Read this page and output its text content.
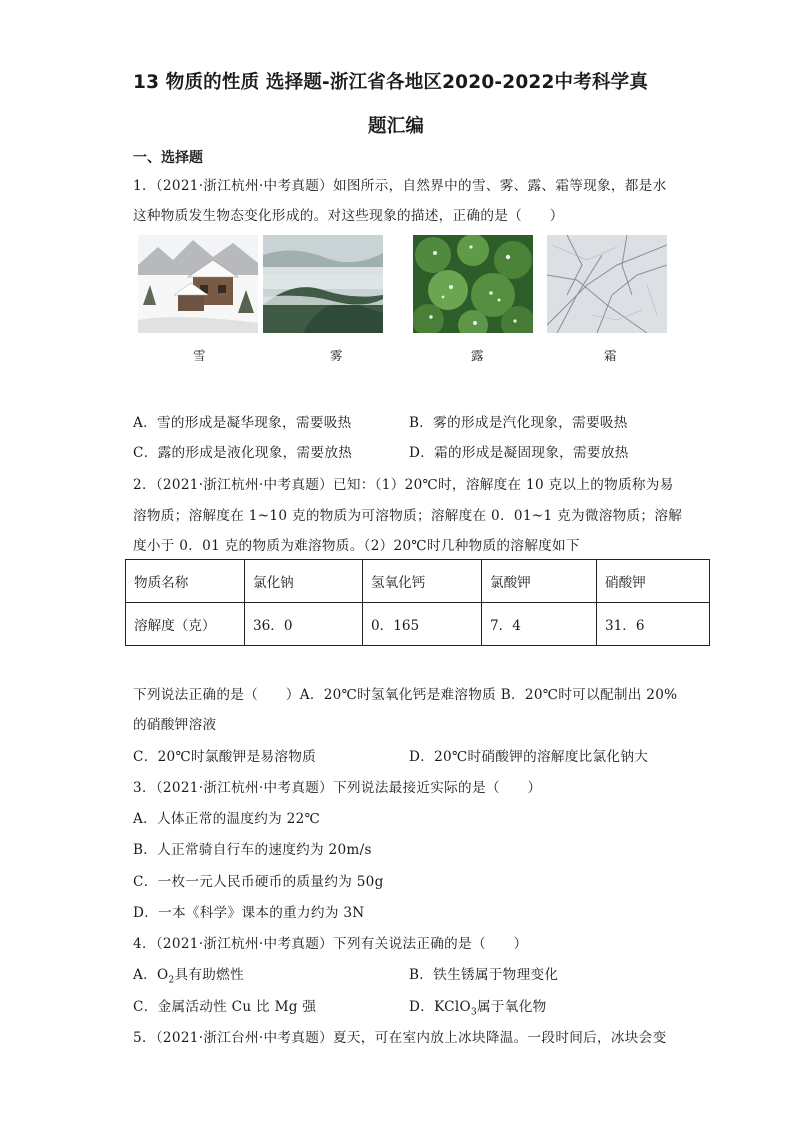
13 物质的性质 选择题-浙江省各地区2020-2022中考科学真
题汇编
一、选择题
1．（2021·浙江杭州·中考真题）如图所示，自然界中的雪、雾、露、霜等现象，都是水
这种物质发生物态变化形成的。对这些现象的描述，正确的是（　　）
雪	雾	露	霜
A．雪的形成是凝华现象，需要吸热	B．雾的形成是汽化现象，需要吸热
C．露的形成是液化现象，需要放热	D．霜的形成是凝固现象，需要放热
2．（2021·浙江杭州·中考真题）已知：（1）20℃时，溶解度在 10 克以上的物质称为易
溶物质；溶解度在 1~10 克的物质为可溶物质；溶解度在 0．01~1 克为微溶物质；溶解
度小于 0．01 克的物质为难溶物质。（2）20℃时几种物质的溶解度如下
物质名称	氯化钠	氢氧化钙	氯酸钾	硝酸钾
溶解度（克）	36．0	0．165	7．4	31．6
下列说法正确的是（　　）A．20℃时氢氧化钙是难溶物质 B．20℃时可以配制出 20%
的硝酸钾溶液
C．20℃时氯酸钾是易溶物质	D．20℃时硝酸钾的溶解度比氯化钠大
3．（2021·浙江杭州·中考真题）下列说法最接近实际的是（　　）
A．人体正常的温度约为 22℃
B．人正常骑自行车的速度约为 20m/s
C．一枚一元人民币硬币的质量约为 50g
D．一本《科学》课本的重力约为 3N
4．（2021·浙江杭州·中考真题）下列有关说法正确的是（　　）
A．$O_2$具有助燃性	B．铁生锈属于物理变化
C．金属活动性 Cu 比 Mg 强	D．KClO$_3$属于氧化物
5．（2021·浙江台州·中考真题）夏天，可在室内放上冰块降温。一段时间后，冰块会变
